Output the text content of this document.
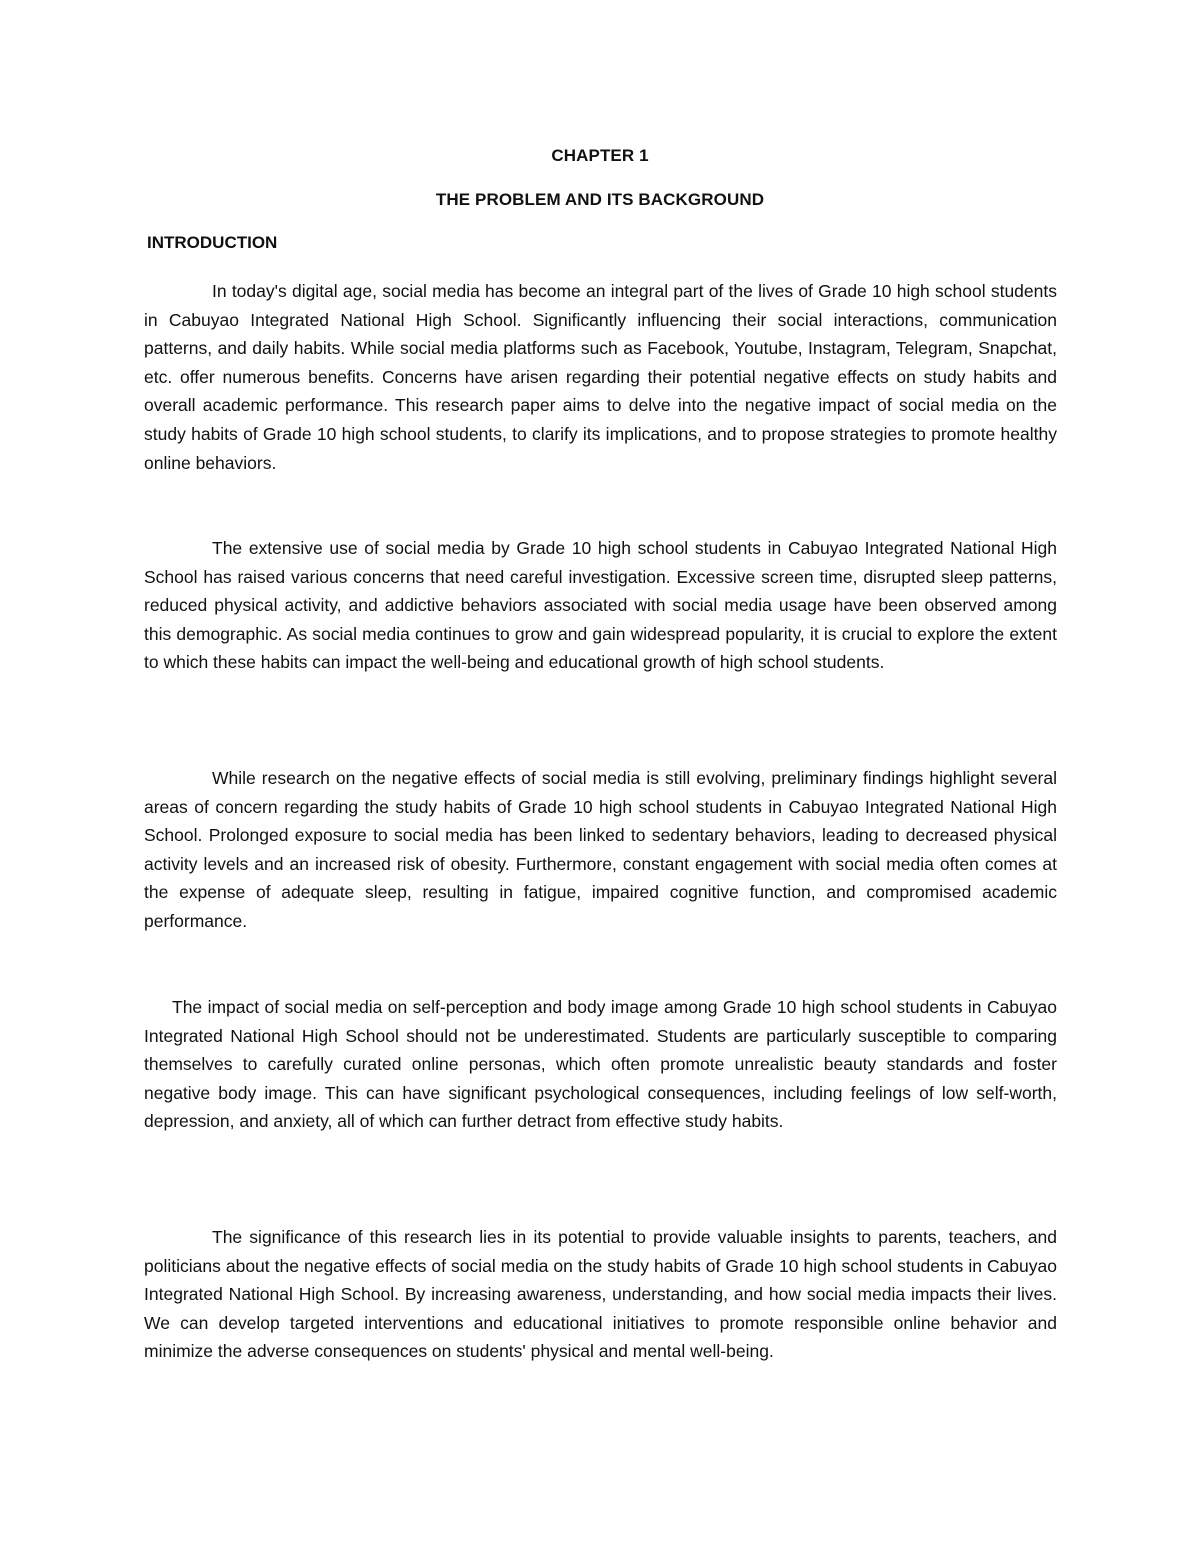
CHAPTER 1
THE PROBLEM AND ITS BACKGROUND
INTRODUCTION

In today's digital age, social media has become an integral part of the lives of Grade 10 high school students in Cabuyao Integrated National High School. Significantly influencing their social interactions, communication patterns, and daily habits. While social media platforms such as Facebook, Youtube, Instagram, Telegram, Snapchat, etc. offer numerous benefits. Concerns have arisen regarding their potential negative effects on study habits and overall academic performance. This research paper aims to delve into the negative impact of social media on the study habits of Grade 10 high school students, to clarify its implications, and to propose strategies to promote healthy online behaviors.

The extensive use of social media by Grade 10 high school students in Cabuyao Integrated National High School has raised various concerns that need careful investigation. Excessive screen time, disrupted sleep patterns, reduced physical activity, and addictive behaviors associated with social media usage have been observed among this demographic. As social media continues to grow and gain widespread popularity, it is crucial to explore the extent to which these habits can impact the well-being and educational growth of high school students.

While research on the negative effects of social media is still evolving, preliminary findings highlight several areas of concern regarding the study habits of Grade 10 high school students in Cabuyao Integrated National High School. Prolonged exposure to social media has been linked to sedentary behaviors, leading to decreased physical activity levels and an increased risk of obesity. Furthermore, constant engagement with social media often comes at the expense of adequate sleep, resulting in fatigue, impaired cognitive function, and compromised academic performance.

The impact of social media on self-perception and body image among Grade 10 high school students in Cabuyao Integrated National High School should not be underestimated. Students are particularly susceptible to comparing themselves to carefully curated online personas, which often promote unrealistic beauty standards and foster negative body image. This can have significant psychological consequences, including feelings of low self-worth, depression, and anxiety, all of which can further detract from effective study habits.

The significance of this research lies in its potential to provide valuable insights to parents, teachers, and politicians about the negative effects of social media on the study habits of Grade 10 high school students in Cabuyao Integrated National High School. By increasing awareness, understanding, and how social media impacts their lives. We can develop targeted interventions and educational initiatives to promote responsible online behavior and minimize the adverse consequences on students' physical and mental well-being.
